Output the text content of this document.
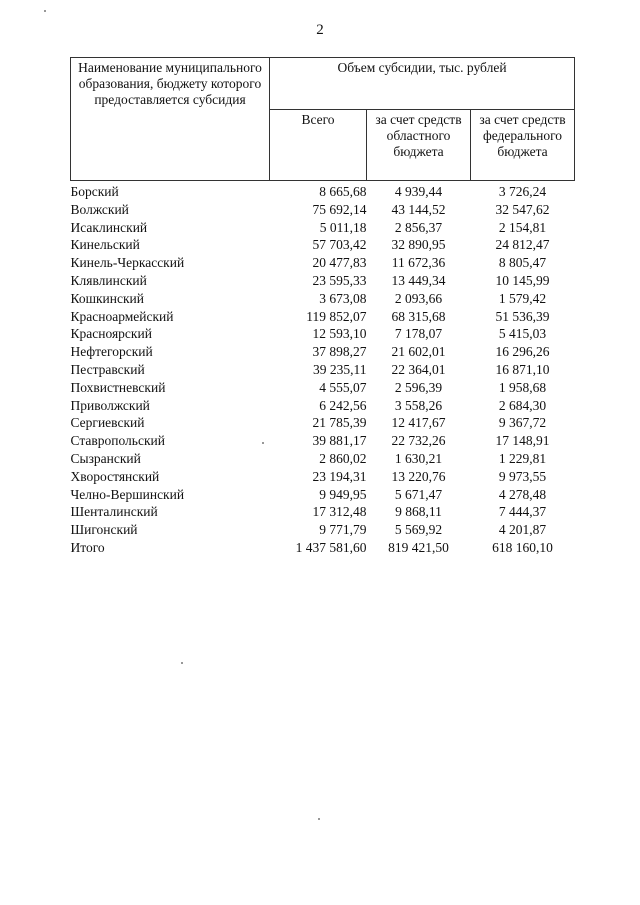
2
Наименование муниципального образования, бюджету которого предоставляется субсидия	Объем субсидии, тыс. рублей		
	Всего	за счет средств областного бюджета	за счет средств федерального бюджета
Борский	8 665,68	4 939,44	3 726,24
Волжский	75 692,14	43 144,52	32 547,62
Исаклинский	5 011,18	2 856,37	2 154,81
Кинельский	57 703,42	32 890,95	24 812,47
Кинель-Черкасский	20 477,83	11 672,36	8 805,47
Клявлинский	23 595,33	13 449,34	10 145,99
Кошкинский	3 673,08	2 093,66	1 579,42
Красноармейский	119 852,07	68 315,68	51 536,39
Красноярский	12 593,10	7 178,07	5 415,03
Нефтегорский	37 898,27	21 602,01	16 296,26
Пестравский	39 235,11	22 364,01	16 871,10
Похвистневский	4 555,07	2 596,39	1 958,68
Приволжский	6 242,56	3 558,26	2 684,30
Сергиевский	21 785,39	12 417,67	9 367,72
Ставропольский	39 881,17	22 732,26	17 148,91
Сызранский	2 860,02	1 630,21	1 229,81
Хворостянский	23 194,31	13 220,76	9 973,55
Челно-Вершинский	9 949,95	5 671,47	4 278,48
Шенталинский	17 312,48	9 868,11	7 444,37
Шигонский	9 771,79	5 569,92	4 201,87
Итого	1 437 581,60	819 421,50	618 160,10
